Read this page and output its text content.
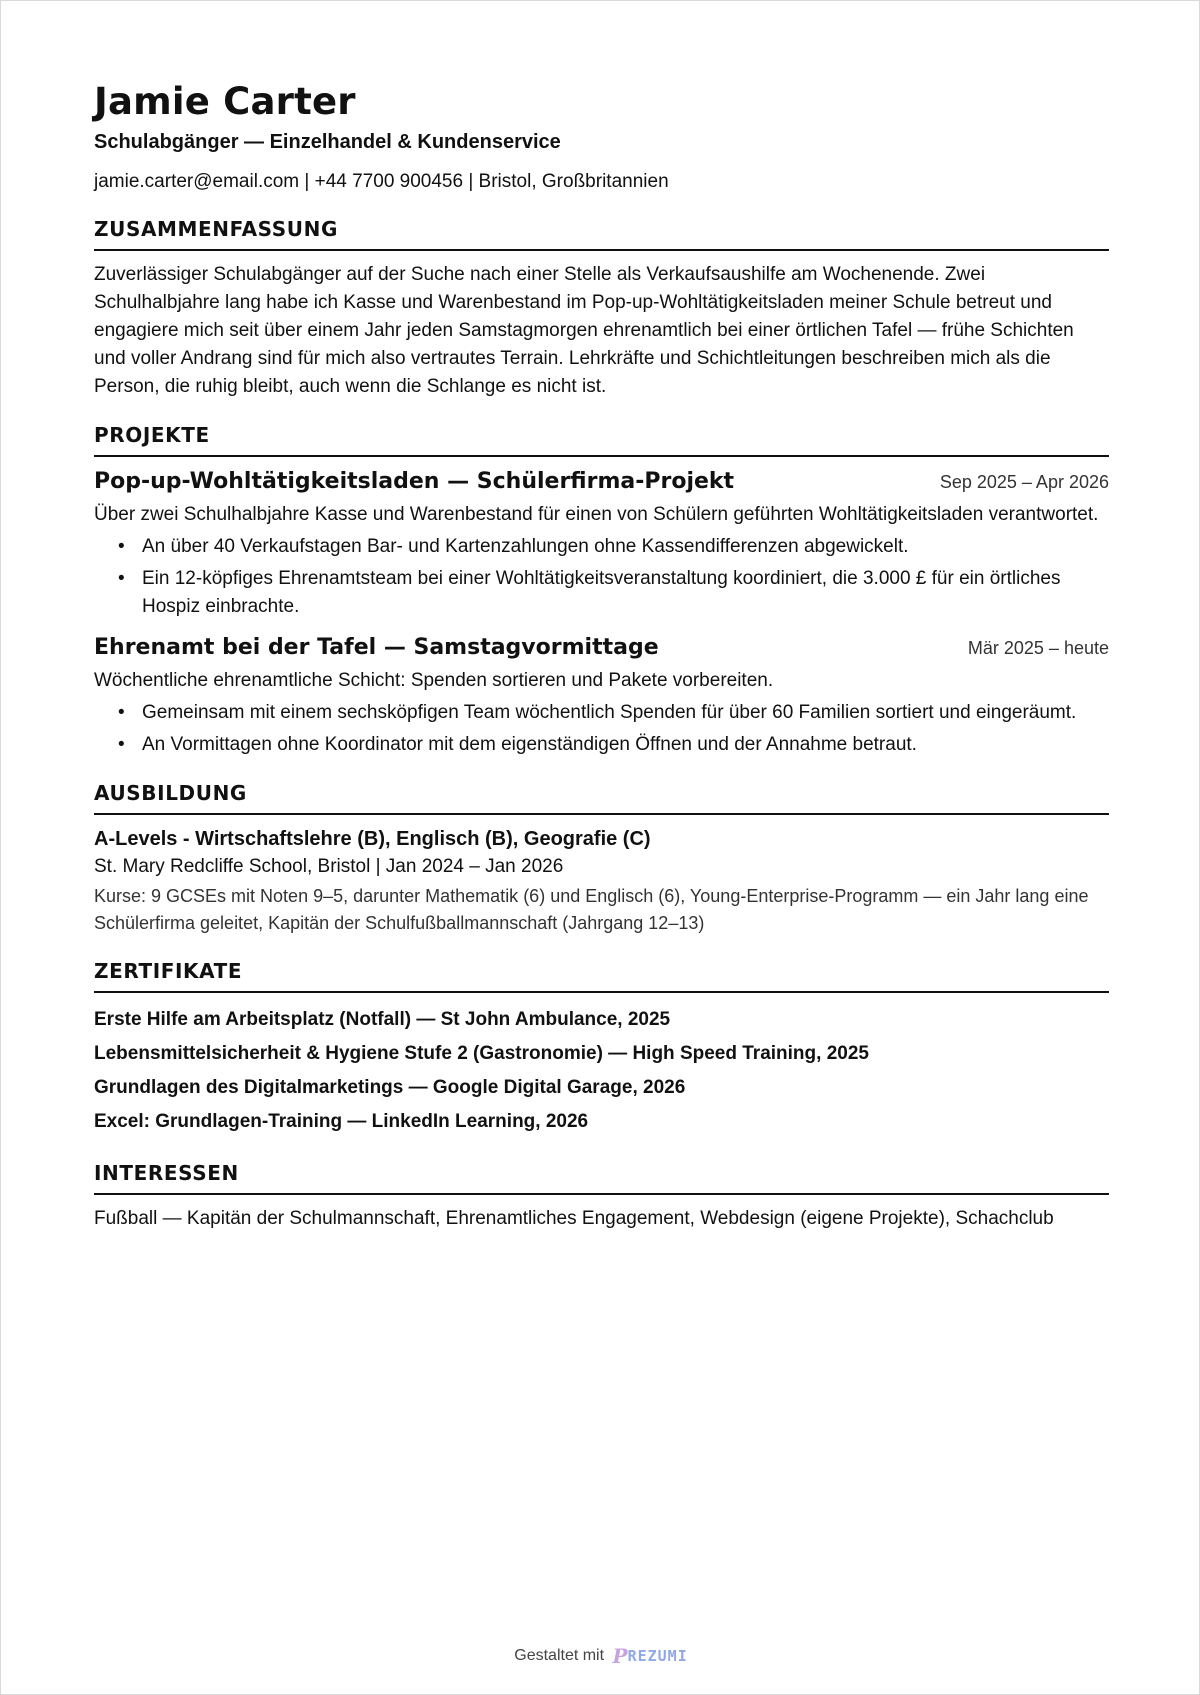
Jamie Carter
Schulabgänger — Einzelhandel & Kundenservice
jamie.carter@email.com | +44 7700 900456 | Bristol, Großbritannien
ZUSAMMENFASSUNG

Zuverlässiger Schulabgänger auf der Suche nach einer Stelle als Verkaufsaushilfe am Wochenende. Zwei Schulhalbjahre lang habe ich Kasse und Warenbestand im Pop-up-Wohltätigkeitsladen meiner Schule betreut und engagiere mich seit über einem Jahr jeden Samstagmorgen ehrenamtlich bei einer örtlichen Tafel — frühe Schichten und voller Andrang sind für mich also vertrautes Terrain. Lehrkräfte und Schichtleitungen beschreiben mich als die Person, die ruhig bleibt, auch wenn die Schlange es nicht ist.

PROJEKTE
Pop-up-Wohltätigkeitsladen — Schülerfirma-Projekt	Sep 2025 – Apr 2026
Über zwei Schulhalbjahre Kasse und Warenbestand für einen von Schülern geführten Wohltätigkeitsladen verantwortet.
• An über 40 Verkaufstagen Bar- und Kartenzahlungen ohne Kassendifferenzen abgewickelt.
• Ein 12-köpfiges Ehrenamtsteam bei einer Wohltätigkeitsveranstaltung koordiniert, die 3.000 £ für ein örtliches Hospiz einbrachte.
Ehrenamt bei der Tafel — Samstagvormittage	Mär 2025 – heute
Wöchentliche ehrenamtliche Schicht: Spenden sortieren und Pakete vorbereiten.
• Gemeinsam mit einem sechsköpfigen Team wöchentlich Spenden für über 60 Familien sortiert und eingeräumt.
• An Vormittagen ohne Koordinator mit dem eigenständigen Öffnen und der Annahme betraut.
AUSBILDUNG
A-Levels - Wirtschaftslehre (B), Englisch (B), Geografie (C)
St. Mary Redcliffe School, Bristol | Jan 2024 – Jan 2026
Kurse: 9 GCSEs mit Noten 9–5, darunter Mathematik (6) und Englisch (6), Young-Enterprise-Programm — ein Jahr lang eine Schülerfirma geleitet, Kapitän der Schulfußballmannschaft (Jahrgang 12–13)
ZERTIFIKATE
Erste Hilfe am Arbeitsplatz (Notfall) — St John Ambulance, 2025
Lebensmittelsicherheit & Hygiene Stufe 2 (Gastronomie) — High Speed Training, 2025
Grundlagen des Digitalmarketings — Google Digital Garage, 2026
Excel: Grundlagen-Training — LinkedIn Learning, 2026
INTERESSEN

Fußball — Kapitän der Schulmannschaft, Ehrenamtliches Engagement, Webdesign (eigene Projekte), Schachclub

Gestaltet mit P REZUMI
